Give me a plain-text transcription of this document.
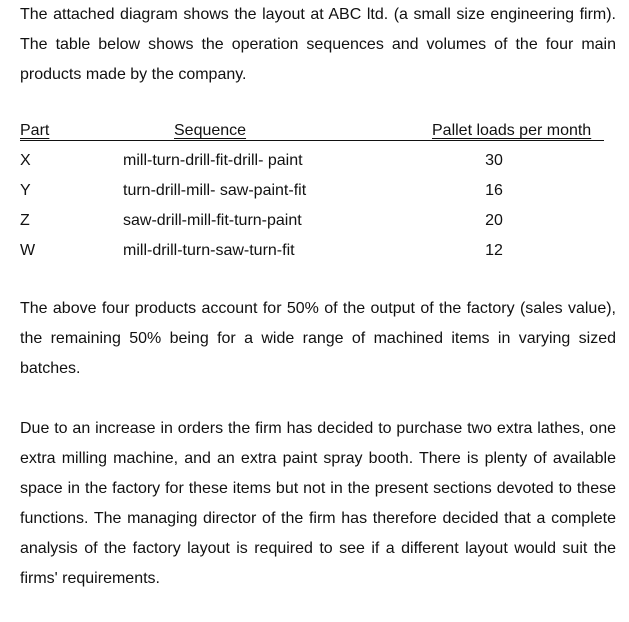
The attached diagram shows the layout at ABC ltd. (a small size engineering firm). The table below shows the operation sequences and volumes of the four main products made by the company.

Part	Sequence	Pallet loads per month
X	mill-turn-drill-fit-drill- paint	30
Y	turn-drill-mill- saw-paint-fit	16
Z	saw-drill-mill-fit-turn-paint	20
W	mill-drill-turn-saw-turn-fit	12

The above four products account for 50% of the output of the factory (sales value), the remaining 50% being for a wide range of machined items in varying sized batches.

Due to an increase in orders the firm has decided to purchase two extra lathes, one extra milling machine, and an extra paint spray booth. There is plenty of available space in the factory for these items but not in the present sections devoted to these functions. The managing director of the firm has therefore decided that a complete analysis of the factory layout is required to see if a different layout would suit the firms' requirements.
